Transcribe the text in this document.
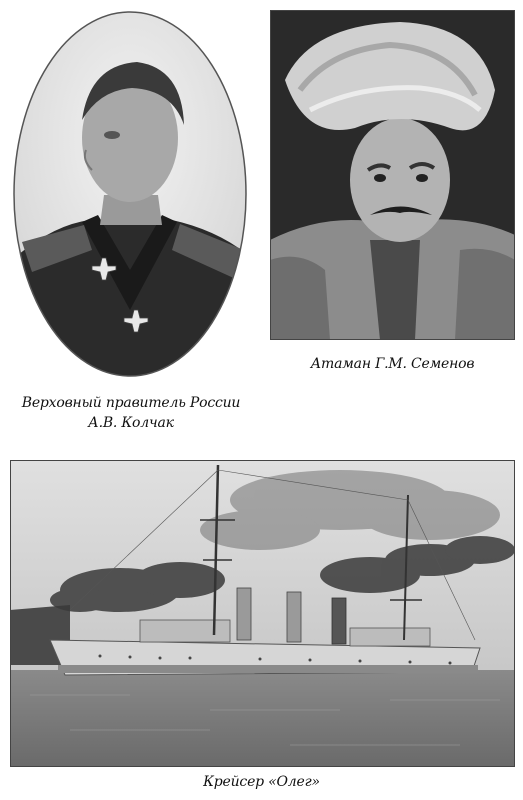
Атаман Г.М. Семенов
Верховный правитель России
А.В. Колчак
Крейсер «Олег»
